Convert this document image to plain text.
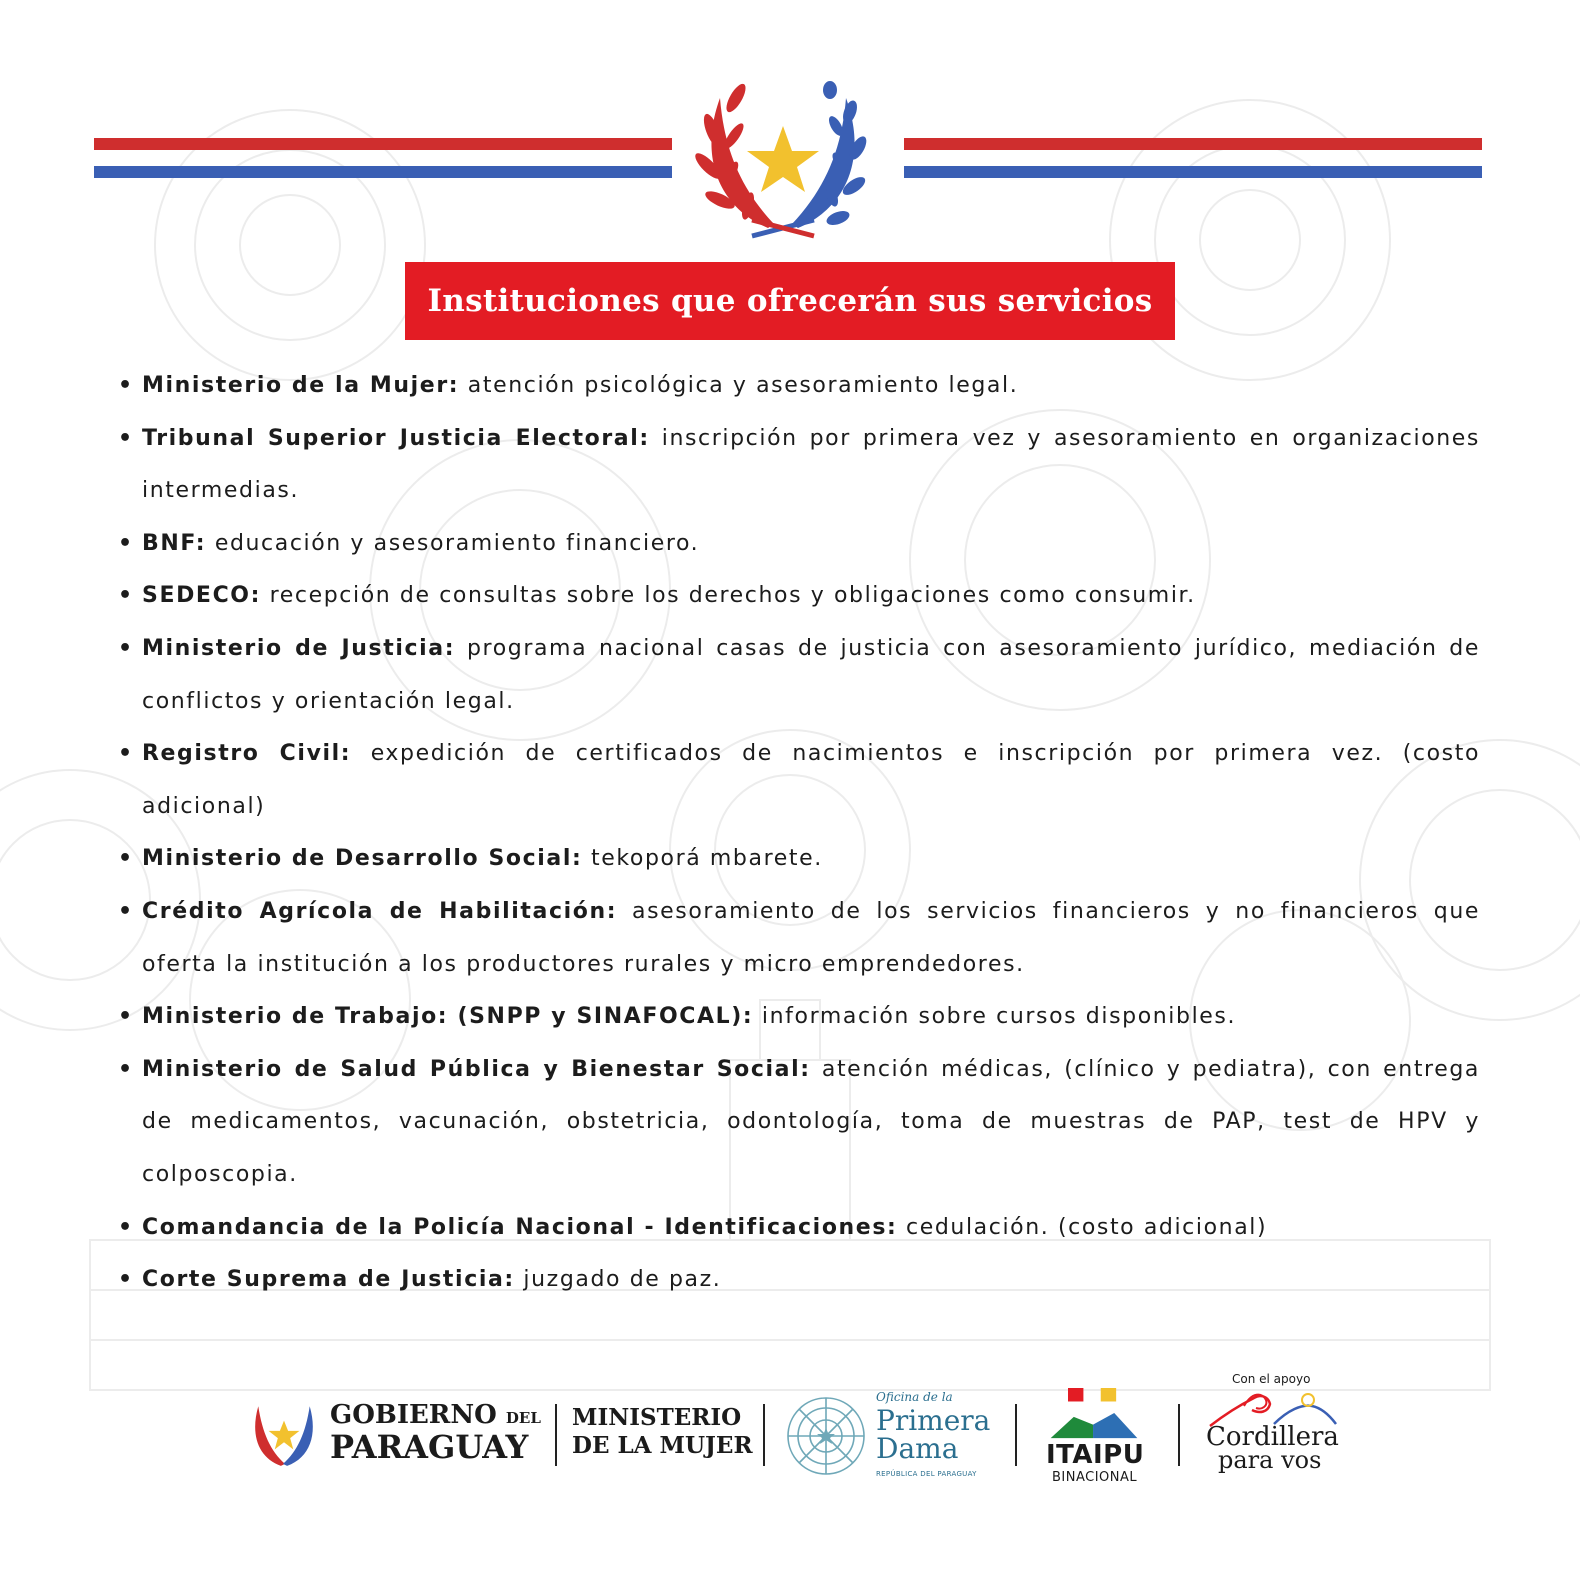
Instituciones que ofrecerán sus servicios
• Ministerio de la Mujer: atención psicológica y asesoramiento legal.
• Tribunal Superior Justicia Electoral: inscripción por primera vez y asesoramiento en organizaciones intermedias.
• BNF: educación y asesoramiento financiero.
• SEDECO: recepción de consultas sobre los derechos y obligaciones como consumir.
• Ministerio de Justicia: programa nacional casas de justicia con asesoramiento jurídico, mediación de conflictos y orientación legal.
• Registro Civil: expedición de certificados de nacimientos e inscripción por primera vez. (costo adicional)
• Ministerio de Desarrollo Social: tekoporá mbarete.
• Crédito Agrícola de Habilitación: asesoramiento de los servicios financieros y no financieros que oferta la institución a los productores rurales y micro emprendedores.
• Ministerio de Trabajo: (SNPP y SINAFOCAL): información sobre cursos disponibles.
• Ministerio de Salud Pública y Bienestar Social: atención médicas, (clínico y pediatra), con entrega de medicamentos, vacunación, obstetricia, odontología, toma de muestras de PAP, test de HPV y colposcopia.
• Comandancia de la Policía Nacional - Identificaciones: cedulación. (costo adicional)
• Corte Suprema de Justicia: juzgado de paz.
GOBIERNO DEL
PARAGUAY
MINISTERIO
DE LA MUJER
Oficina de la
Primera
Dama
REPÚBLICA DEL PARAGUAY
ITAIPU
BINACIONAL
Con el apoyo
Cordillera
para vos
